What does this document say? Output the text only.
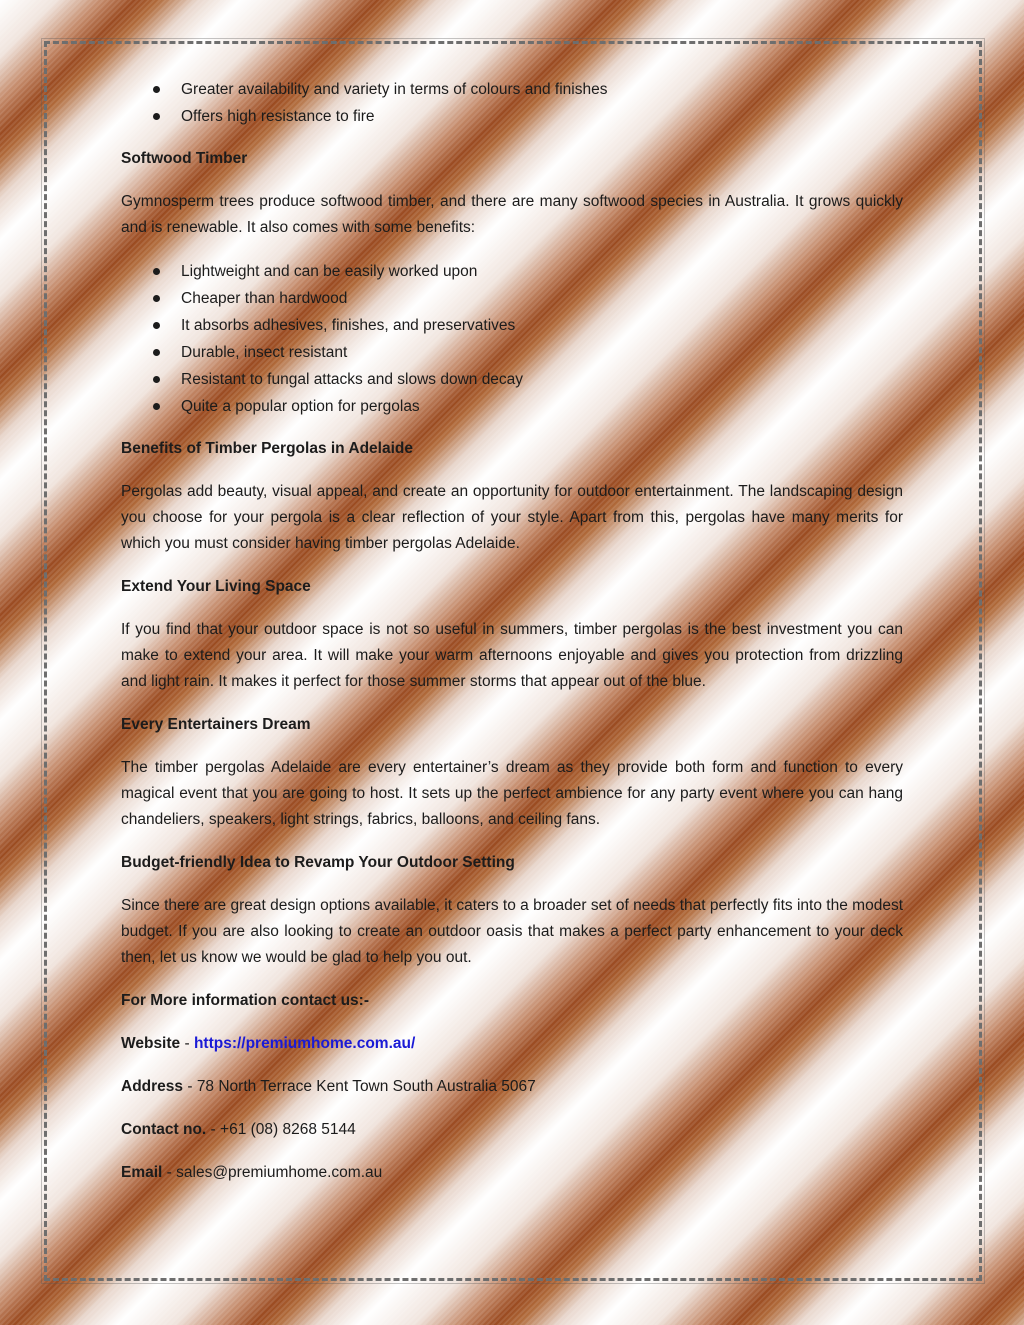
Greater availability and variety in terms of colours and finishes
Offers high resistance to fire

Softwood Timber

Gymnosperm trees produce softwood timber, and there are many softwood species in Australia. It grows quickly and is renewable. It also comes with some benefits:

Lightweight and can be easily worked upon
Cheaper than hardwood
It absorbs adhesives, finishes, and preservatives
Durable, insect resistant
Resistant to fungal attacks and slows down decay
Quite a popular option for pergolas

Benefits of Timber Pergolas in Adelaide

Pergolas add beauty, visual appeal, and create an opportunity for outdoor entertainment. The landscaping design you choose for your pergola is a clear reflection of your style. Apart from this, pergolas have many merits for which you must consider having timber pergolas Adelaide.

Extend Your Living Space

If you find that your outdoor space is not so useful in summers, timber pergolas is the best investment you can make to extend your area. It will make your warm afternoons enjoyable and gives you protection from drizzling and light rain. It makes it perfect for those summer storms that appear out of the blue.

Every Entertainers Dream

The timber pergolas Adelaide are every entertainer’s dream as they provide both form and function to every magical event that you are going to host. It sets up the perfect ambience for any party event where you can hang chandeliers, speakers, light strings, fabrics, balloons, and ceiling fans.

Budget-friendly Idea to Revamp Your Outdoor Setting

Since there are great design options available, it caters to a broader set of needs that perfectly fits into the modest budget. If you are also looking to create an outdoor oasis that makes a perfect party enhancement to your deck then, let us know we would be glad to help you out.

For More information contact us:-

Website - https://premiumhome.com.au/

Address - 78 North Terrace Kent Town South Australia 5067

Contact no. - +61 (08) 8268 5144

Email - sales@premiumhome.com.au
